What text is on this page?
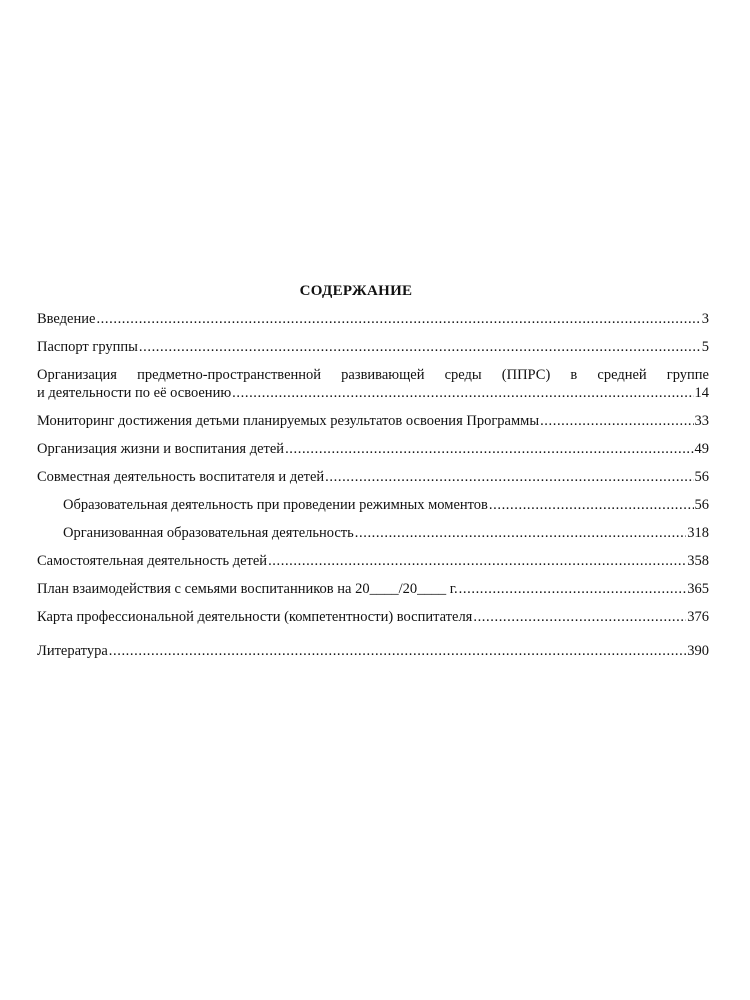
СОДЕРЖАНИЕ
Введение .....	3
Паспорт группы .....	5
Организация предметно-пространственной развивающей среды (ППРС) в средней группе
и деятельности по её освоению .....	14
Мониторинг достижения детьми планируемых результатов освоения Программы .....	33
Организация жизни и воспитания детей .....	49
Совместная деятельность воспитателя и детей .....	56
Образовательная деятельность при проведении режимных моментов .....	56
Организованная образовательная деятельность .....	318
Самостоятельная деятельность детей .....	358
План взаимодействия с семьями воспитанников на 20____/20____ г. .....	365
Карта профессиональной деятельности (компетентности) воспитателя .....	376
Литература .....	390
